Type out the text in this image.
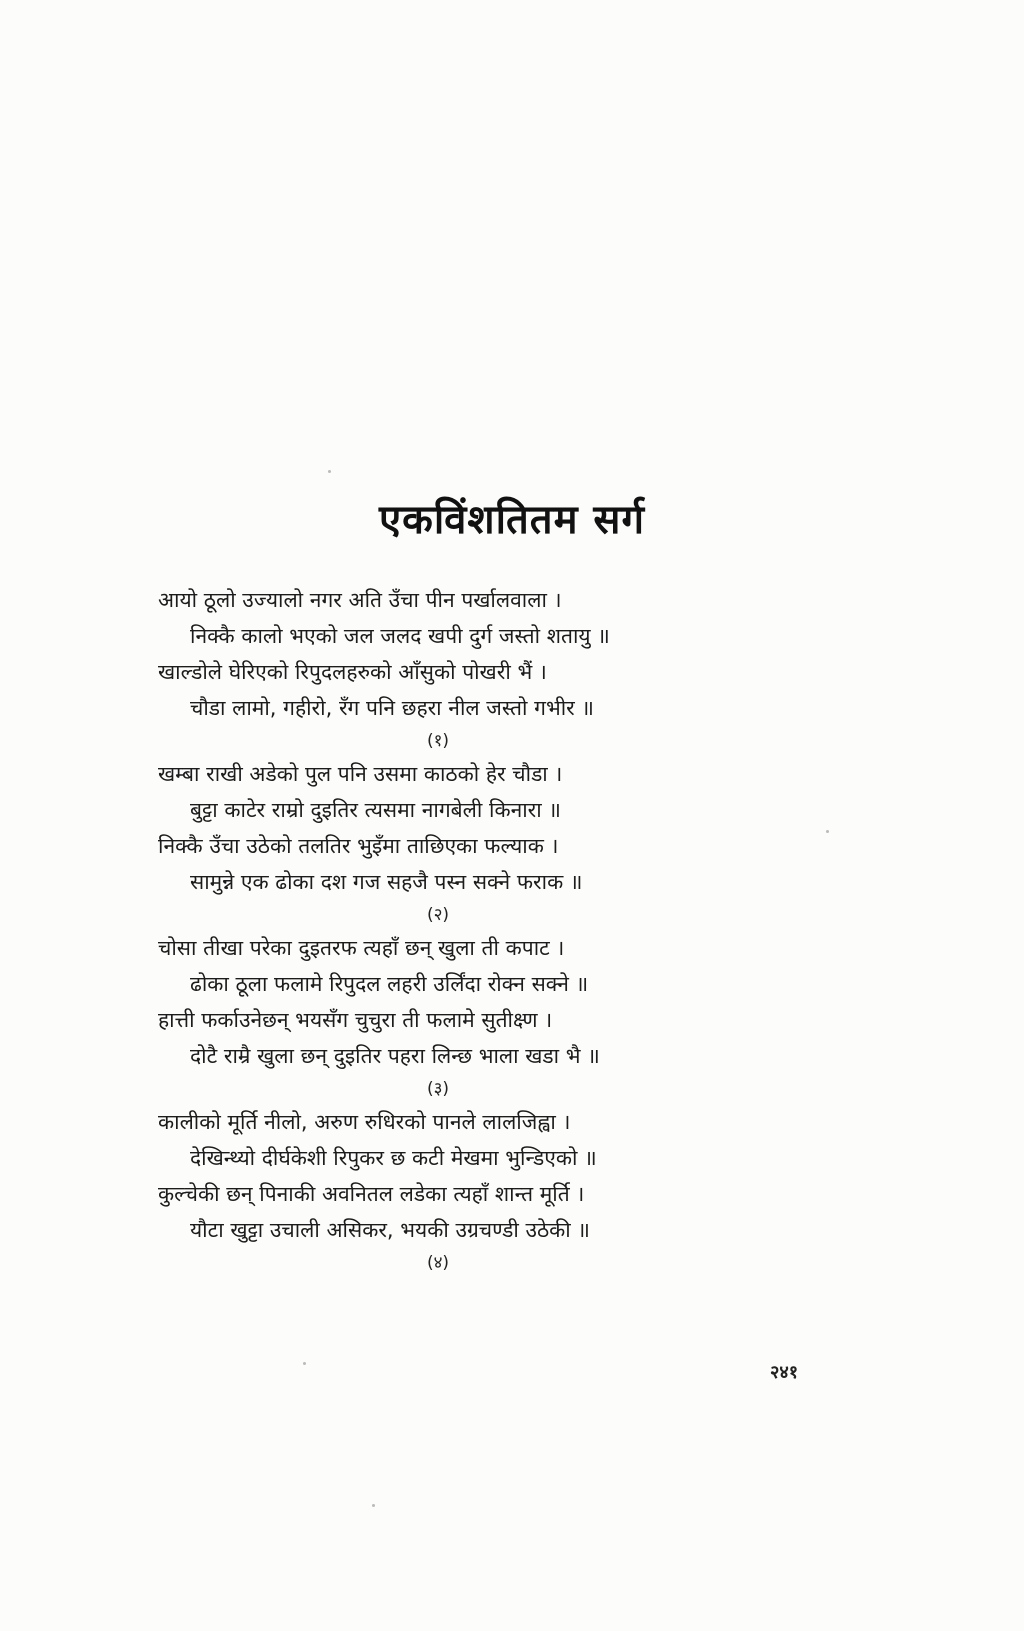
एकविंशतितम सर्ग
आयो ठूलो उज्यालो नगर अति उँचा पीन पर्खालवाला ।
निक्कै कालो भएको जल जलद खपी दुर्ग जस्तो शतायु ॥
खाल्डोले घेरिएको रिपुदलहरुको आँसुको पोखरी भैं ।
चौडा लामो, गहीरो, रँग पनि छहरा नील जस्तो गभीर ॥
(१)
खम्बा राखी अडेको पुल पनि उसमा काठको हेर चौडा ।
बुट्टा काटेर राम्रो दुइतिर त्यसमा नागबेली किनारा ॥
निक्कै उँचा उठेको तलतिर भुइँमा ताछिएका फल्याक ।
सामुन्ने एक ढोका दश गज सहजै पस्न सक्ने फराक ॥
(२)
चोसा तीखा परेका दुइतरफ त्यहाँ छन् खुला ती कपाट ।
ढोका ठूला फलामे रिपुदल लहरी उर्लिंदा रोक्न सक्ने ॥
हात्ती फर्काउनेछन् भयसँग चुचुरा ती फलामे सुतीक्ष्ण ।
दोटै राम्रै खुला छन् दुइतिर पहरा लिन्छ भाला खडा भै ॥
(३)
कालीको मूर्ति नीलो, अरुण रुधिरको पानले लालजिह्वा ।
देखिन्थ्यो दीर्घकेशी रिपुकर छ कटी मेखमा भुन्डिएको ॥
कुल्चेकी छन् पिनाकी अवनितल लडेका त्यहाँ शान्त मूर्ति ।
यौटा खुट्टा उचाली असिकर, भयकी उग्रचण्डी उठेकी ॥
(४)
२४१
